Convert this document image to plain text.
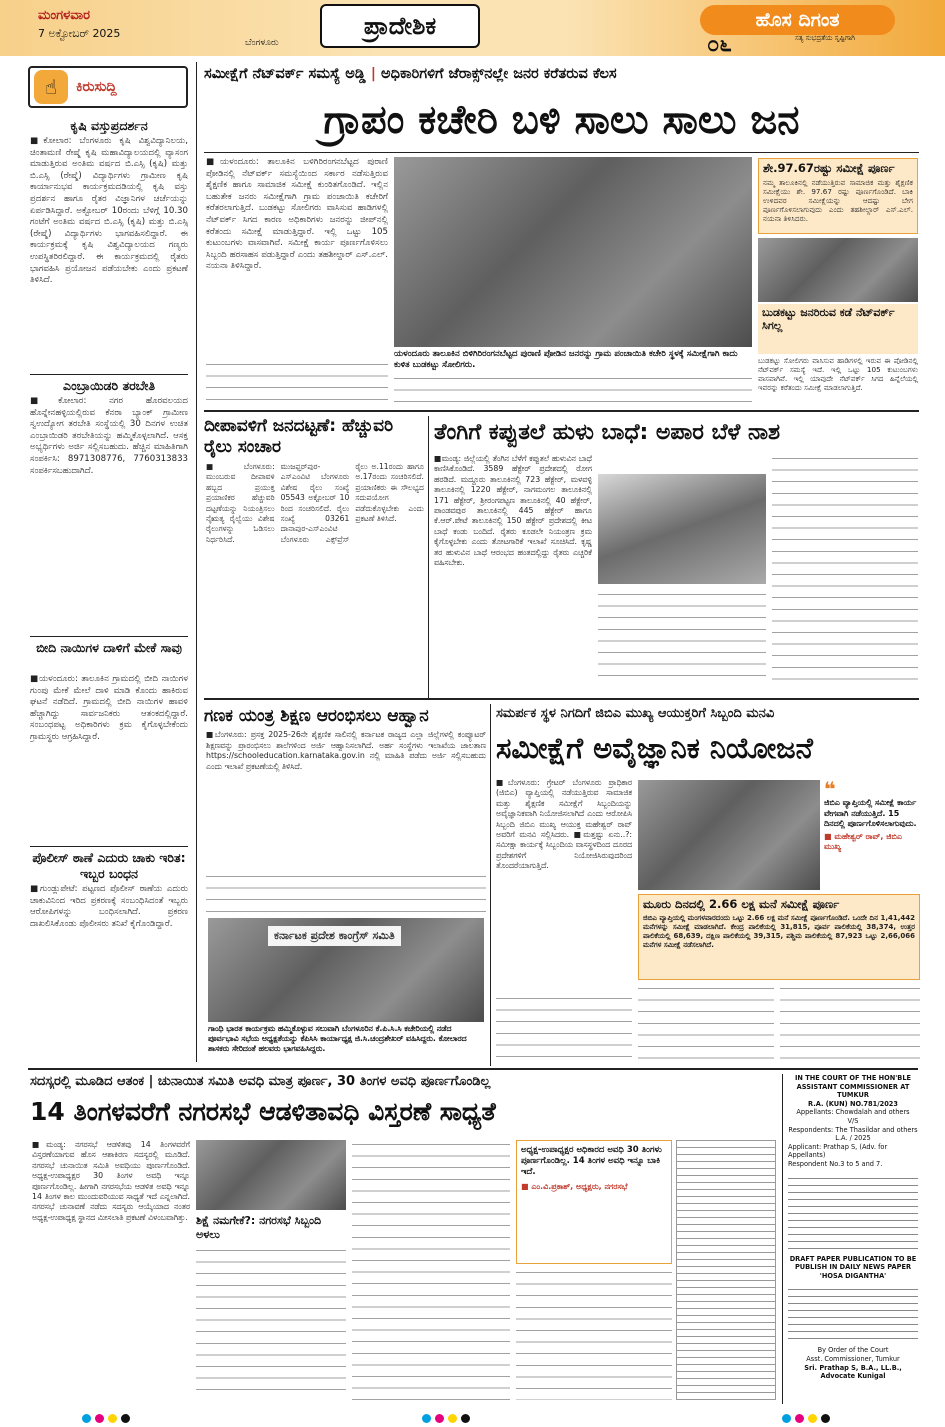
ಮಂಗಳವಾರ
7 ಅಕ್ಟೋಬರ್ 2025
ಬೆಂಗಳೂರು
ಪ್ರಾದೇಶಿಕ	ಹೊಸ ದಿಗಂತ
ಸತ್ಯ ಸುಭದ್ರತೆಯ ಸೃಷ್ಟಿಗಾಗಿ
೦೬
☝	ಕಿರುಸುದ್ದಿ
ಕೃಷಿ ವಸ್ತುಪ್ರದರ್ಶನ
■ಕೋಲಾರ: ಬೆಂಗಳೂರು ಕೃಷಿ ವಿಶ್ವವಿದ್ಯಾನಿಲಯ, ಚಿಂತಾಮಣಿ ರೇಷ್ಮೆ ಕೃಷಿ ಮಹಾವಿದ್ಯಾಲಯದಲ್ಲಿ ವ್ಯಾಸಂಗ ಮಾಡುತ್ತಿರುವ ಅಂತಿಮ ವರ್ಷದ ಬಿ.ಎಸ್ಸಿ (ಕೃಷಿ) ಮತ್ತು ಬಿ.ಎಸ್ಸಿ (ರೇಷ್ಮೆ) ವಿದ್ಯಾರ್ಥಿಗಳು ಗ್ರಾಮೀಣ ಕೃಷಿ ಕಾರ್ಯಾನುಭವ ಕಾರ್ಯಕ್ರಮದಡಿಯಲ್ಲಿ ಕೃಷಿ ವಸ್ತು ಪ್ರದರ್ಶನ ಹಾಗೂ ರೈತರ ವಿಜ್ಞಾನಿಗಳ ಚರ್ಚೆಯನ್ನು ಏರ್ಪಡಿಸಿದ್ದಾರೆ. ಅಕ್ಟೋಬರ್ 10ರಂದು ಬೆಳಿಗ್ಗೆ 10.30 ಗಂಟೆಗೆ ಅಂತಿಮ ವರ್ಷದ ಬಿ.ಎಸ್ಸಿ (ಕೃಷಿ) ಮತ್ತು ಬಿ.ಎಸ್ಸಿ (ರೇಷ್ಮೆ) ವಿದ್ಯಾರ್ಥಿಗಳು ಭಾಗವಹಿಸಲಿದ್ದಾರೆ. ಈ ಕಾರ್ಯಕ್ರಮಕ್ಕೆ ಕೃಷಿ ವಿಶ್ವವಿದ್ಯಾಲಯದ ಗಣ್ಯರು ಉಪಸ್ಥಿತರಿರಲಿದ್ದಾರೆ. ಈ ಕಾರ್ಯಕ್ರಮದಲ್ಲಿ ರೈತರು ಭಾಗವಹಿಸಿ ಪ್ರಯೋಜನ ಪಡೆಯಬೇಕು ಎಂದು ಪ್ರಕಟಣೆ ತಿಳಿಸಿದೆ.
ಎಂಬ್ರಾಯಿಡರಿ ತರಬೇತಿ
■ಕೋಲಾರ: ನಗರ ಹೊರವಲಯದ ಹೊನ್ನೇನಹಳ್ಳಿಯಲ್ಲಿರುವ ಕೆನರಾ ಬ್ಯಾಂಕ್ ಗ್ರಾಮೀಣ ಸ್ವಉದ್ಯೋಗ ತರಬೇತಿ ಸಂಸ್ಥೆಯಲ್ಲಿ 30 ದಿನಗಳ ಉಚಿತ ಎಂಬ್ರಾಯಿಡರಿ ತರಬೇತಿಯನ್ನು ಹಮ್ಮಿಕೊಳ್ಳಲಾಗಿದೆ. ಆಸಕ್ತ ಅಭ್ಯರ್ಥಿಗಳು ಅರ್ಜಿ ಸಲ್ಲಿಸಬಹುದು. ಹೆಚ್ಚಿನ ಮಾಹಿತಿಗಾಗಿ ಸಂಪರ್ಕಿಸಿ: 8971308776, 7760313833 ಸಂಪರ್ಕಿಸಬಹುದಾಗಿದೆ.
ಬೀದಿ ನಾಯಿಗಳ ದಾಳಿಗೆ ಮೇಕೆ ಸಾವು
■ಯಳಂದೂರು: ತಾಲೂಕಿನ ಗ್ರಾಮದಲ್ಲಿ ಬೀದಿ ನಾಯಿಗಳ ಗುಂಪು ಮೇಕೆ ಮೇಲೆ ದಾಳಿ ಮಾಡಿ ಕೊಂದು ಹಾಕಿರುವ ಘಟನೆ ನಡೆದಿದೆ. ಗ್ರಾಮದಲ್ಲಿ ಬೀದಿ ನಾಯಿಗಳ ಹಾವಳಿ ಹೆಚ್ಚಾಗಿದ್ದು ಸಾರ್ವಜನಿಕರು ಆತಂಕದಲ್ಲಿದ್ದಾರೆ. ಸಂಬಂಧಪಟ್ಟ ಅಧಿಕಾರಿಗಳು ಕ್ರಮ ಕೈಗೊಳ್ಳಬೇಕೆಂದು ಗ್ರಾಮಸ್ಥರು ಆಗ್ರಹಿಸಿದ್ದಾರೆ.
ಪೊಲೀಸ್ ಠಾಣೆ ಎದುರು ಚಾಕು ಇರಿತ: ಇಬ್ಬರ ಬಂಧನ
■ಗುಂಡ್ಲುಪೇಟೆ: ಪಟ್ಟಣದ ಪೊಲೀಸ್ ಠಾಣೆಯ ಎದುರು ಚಾಕುವಿನಿಂದ ಇರಿದ ಪ್ರಕರಣಕ್ಕೆ ಸಂಬಂಧಿಸಿದಂತೆ ಇಬ್ಬರು ಆರೋಪಿಗಳನ್ನು ಬಂಧಿಸಲಾಗಿದೆ. ಪ್ರಕರಣ ದಾಖಲಿಸಿಕೊಂಡು ಪೊಲೀಸರು ತನಿಖೆ ಕೈಗೊಂಡಿದ್ದಾರೆ.
ಸಮೀಕ್ಷೆಗೆ ನೆಟ್‌ವರ್ಕ್ ಸಮಸ್ಯೆ ಅಡ್ಡಿ | ಅಧಿಕಾರಿಗಳಿಗೆ ಜೆರಾಕ್ಸ್‌ನಲ್ಲೇ ಜನರ ಕರೆತರುವ ಕೆಲಸ
ಗ್ರಾಪಂ ಕಚೇರಿ ಬಳಿ ಸಾಲು ಸಾಲು ಜನ
■ಯಳಂದೂರು: ತಾಲೂಕಿನ ಬಳಿಗಿರಿರಂಗನಬೆಟ್ಟದ ಪುರಾಣಿ ಪೋಡಿನಲ್ಲಿ ನೆಟ್‌ವರ್ಕ್ ಸಮಸ್ಯೆಯಿಂದ ಸರ್ಕಾರ ನಡೆಸುತ್ತಿರುವ ಶೈಕ್ಷಣಿಕ ಹಾಗೂ ಸಾಮಾಜಿಕ ಸಮೀಕ್ಷೆ ಕುಂಠಿತಗೊಂಡಿದೆ. ಇಲ್ಲಿನ ಬಹುತೇಕ ಜನರು ಸಮೀಕ್ಷೆಗಾಗಿ ಗ್ರಾಮ ಪಂಚಾಯಿತಿ ಕಚೇರಿಗೆ ಕರೆತರಲಾಗುತ್ತಿದೆ. ಬುಡಕಟ್ಟು ಸೋಲಿಗರು ವಾಸಿಸುವ ಹಾಡಿಗಳಲ್ಲಿ ನೆಟ್‌ವರ್ಕ್ ಸಿಗದ ಕಾರಣ ಅಧಿಕಾರಿಗಳು ಜನರನ್ನು ಜೀಪ್‌ನಲ್ಲಿ ಕರೆತಂದು ಸಮೀಕ್ಷೆ ಮಾಡುತ್ತಿದ್ದಾರೆ. ಇಲ್ಲಿ ಒಟ್ಟು 105 ಕುಟುಂಬಗಳು ವಾಸವಾಗಿವೆ. ಸಮೀಕ್ಷೆ ಕಾರ್ಯ ಪೂರ್ಣಗೊಳಿಸಲು ಸಿಬ್ಬಂದಿ ಹರಸಾಹಸ ಪಡುತ್ತಿದ್ದಾರೆ ಎಂದು ತಹಶೀಲ್ದಾರ್ ಎಸ್.ಎಲ್. ನಯನಾ ತಿಳಿಸಿದ್ದಾರೆ.
ಯಳಂದೂರು ತಾಲೂಕಿನ ಬಿಳಿಗಿರಿರಂಗನಬೆಟ್ಟದ ಪುರಾಣಿ ಪೋಡಿನ ಜನರನ್ನು ಗ್ರಾಮ ಪಂಚಾಯಿತಿ ಕಚೇರಿ ಸ್ಥಳಕ್ಕೆ ಸಮೀಕ್ಷೆಗಾಗಿ ಕಾದು ಕುಳಿತ ಬುಡಕಟ್ಟು ಸೋಲಿಗರು.
ಶೇ.97.67ರಷ್ಟು ಸಮೀಕ್ಷೆ ಪೂರ್ಣ
ನಮ್ಮ ತಾಲೂಕಿನಲ್ಲಿ ನಡೆಯುತ್ತಿರುವ ಸಾಮಾಜಿಕ ಮತ್ತು ಶೈಕ್ಷಣಿಕ ಸಮೀಕ್ಷೆಯು ಶೇ. 97.67 ರಷ್ಟು ಪೂರ್ಣಗೊಂಡಿದೆ. ಬಾಕಿ ಉಳಿದವರ ಸಮೀಕ್ಷೆಯನ್ನು ಆದಷ್ಟು ಬೇಗ ಪೂರ್ಣಗೊಳಿಸಲಾಗುವುದು ಎಂದು ತಹಶೀಲ್ದಾರ್ ಎಸ್.ಎಲ್. ನಯನಾ ತಿಳಿಸಿದರು.
ಬುಡಕಟ್ಟು ಜನರಿರುವ ಕಡೆ ನೆಟ್‌ವರ್ಕ್ ಸಿಗಲ್ಲ
ಬುಡಕಟ್ಟು ಸೋಲಿಗರು ವಾಸಿಸುವ ಹಾಡಿಗಳಲ್ಲಿ ಇರುವ ಈ ಪೋಡಿನಲ್ಲಿ ನೆಟ್‌ವರ್ಕ್ ಸಮಸ್ಯೆ ಇದೆ. ಇಲ್ಲಿ ಒಟ್ಟು 105 ಕುಟುಂಬಗಳು ವಾಸವಾಗಿವೆ. ಇಲ್ಲಿ ಯಾವುದೇ ನೆಟ್‌ವರ್ಕ್ ಸಿಗದ ಹಿನ್ನೆಲೆಯಲ್ಲಿ ಇವರನ್ನು ಕರೆತಂದು ಸಮೀಕ್ಷೆ ಮಾಡಲಾಗುತ್ತಿದೆ.
ದೀಪಾವಳಿಗೆ ಜನದಟ್ಟಣೆ: ಹೆಚ್ಚುವರಿ ರೈಲು ಸಂಚಾರ
■ಬೆಂಗಳೂರು: ಮುಂಬರುವ ದೀಪಾವಳಿ ಹಬ್ಬದ ಪ್ರಯುಕ್ತ ಪ್ರಯಾಣಿಕರ ಹೆಚ್ಚುವರಿ ದಟ್ಟಣೆಯನ್ನು ನಿಯಂತ್ರಿಸಲು ನೈಋತ್ಯ ರೈಲ್ವೆಯು ವಿಶೇಷ ರೈಲುಗಳನ್ನು ಓಡಿಸಲು ನಿರ್ಧರಿಸಿದೆ. ಮುಜಫ್ಫರ್‌ಪುರ-ಎಸ್‌ಎಂವಿಟಿ ಬೆಂಗಳೂರು ವಿಶೇಷ ರೈಲು ಸಂಖ್ಯೆ 05543 ಅಕ್ಟೋಬರ್ 10 ರಿಂದ ಸಂಚರಿಸಲಿದೆ. ರೈಲು ಸಂಖ್ಯೆ 03261 ದಾನಾಪುರ-ಎಸ್‌ಎಂವಿಟಿ ಬೆಂಗಳೂರು ಎಕ್ಸ್‌ಪ್ರೆಸ್ ರೈಲು ಅ.11ರಂದು ಹಾಗೂ ಅ.17ರಂದು ಸಂಚರಿಸಲಿದೆ. ಪ್ರಯಾಣಿಕರು ಈ ಸೌಲಭ್ಯದ ಸದುಪಯೋಗ ಪಡೆದುಕೊಳ್ಳಬೇಕು ಎಂದು ಪ್ರಕಟಣೆ ತಿಳಿಸಿದೆ.
ತೆಂಗಿಗೆ ಕಪ್ಪುತಲೆ ಹುಳು ಬಾಧೆ: ಅಪಾರ ಬೆಳೆ ನಾಶ
■ಮಂಡ್ಯ: ಜಿಲ್ಲೆಯಲ್ಲಿ ತೆಂಗಿನ ಬೆಳೆಗೆ ಕಪ್ಪುತಲೆ ಹುಳುವಿನ ಬಾಧೆ ಕಾಣಿಸಿಕೊಂಡಿದೆ. 3589 ಹೆಕ್ಟೇರ್ ಪ್ರದೇಶದಲ್ಲಿ ರೋಗ ಹರಡಿದೆ. ಮದ್ದೂರು ತಾಲೂಕಿನಲ್ಲಿ 723 ಹೆಕ್ಟೇರ್, ಮಳವಳ್ಳಿ ತಾಲೂಕಿನಲ್ಲಿ 1220 ಹೆಕ್ಟೇರ್, ನಾಗಮಂಗಲ ತಾಲೂಕಿನಲ್ಲಿ 171 ಹೆಕ್ಟೇರ್, ಶ್ರೀರಂಗಪಟ್ಟಣ ತಾಲೂಕಿನಲ್ಲಿ 40 ಹೆಕ್ಟೇರ್, ಪಾಂಡವಪುರ ತಾಲೂಕಿನಲ್ಲಿ 445 ಹೆಕ್ಟೇರ್ ಹಾಗೂ ಕೆ.ಆರ್.ಪೇಟೆ ತಾಲೂಕಿನಲ್ಲಿ 150 ಹೆಕ್ಟೇರ್ ಪ್ರದೇಶದಲ್ಲಿ ಕೀಟ ಬಾಧೆ ಕಂಡು ಬಂದಿದೆ. ರೈತರು ಕೂಡಲೇ ನಿಯಂತ್ರಣ ಕ್ರಮ ಕೈಗೊಳ್ಳಬೇಕು ಎಂದು ತೋಟಗಾರಿಕೆ ಇಲಾಖೆ ಸೂಚಿಸಿದೆ. ಕೃಷ್ಣ ತರ ಹುಳುವಿನ ಬಾಧೆ ಆರಂಭದ ಹಂತದಲ್ಲಿದ್ದು ರೈತರು ಎಚ್ಚರಿಕೆ ವಹಿಸಬೇಕು.
ಗಣಕ ಯಂತ್ರ ಶಿಕ್ಷಣ ಆರಂಭಿಸಲು ಆಹ್ವಾನ
■ಬೆಂಗಳೂರು: ಪ್ರಸಕ್ತ 2025-26ನೇ ಶೈಕ್ಷಣಿಕ ಸಾಲಿನಲ್ಲಿ ಕರ್ನಾಟಕ ರಾಜ್ಯದ ಎಲ್ಲಾ ಜಿಲ್ಲೆಗಳಲ್ಲಿ ಕಂಪ್ಯೂಟರ್ ಶಿಕ್ಷಣವನ್ನು ಪ್ರಾರಂಭಿಸಲು ಶಾಲೆಗಳಿಂದ ಅರ್ಜಿ ಆಹ್ವಾನಿಸಲಾಗಿದೆ. ಅರ್ಹ ಸಂಸ್ಥೆಗಳು ಇಲಾಖೆಯ ಜಾಲತಾಣ https://schooleducation.karnataka.gov.in ನಲ್ಲಿ ಮಾಹಿತಿ ಪಡೆದು ಅರ್ಜಿ ಸಲ್ಲಿಸಬಹುದು ಎಂದು ಇಲಾಖೆ ಪ್ರಕಟಣೆಯಲ್ಲಿ ತಿಳಿಸಿದೆ.
ಕರ್ನಾಟಕ ಪ್ರದೇಶ ಕಾಂಗ್ರೆಸ್ ಸಮಿತಿ
ಗಾಂಧಿ ಭಾರತ ಕಾರ್ಯಕ್ರಮ ಹಮ್ಮಿಕೊಳ್ಳುವ ಸಲುವಾಗಿ ಬೆಂಗಳೂರಿನ ಕೆ.ಪಿ.ಸಿ.ಸಿ ಕಚೇರಿಯಲ್ಲಿ ನಡೆದ ಪೂರ್ವಭಾವಿ ಸಭೆಯ ಅಧ್ಯಕ್ಷತೆಯನ್ನು ಕೆಪಿಸಿಸಿ ಕಾರ್ಯಾಧ್ಯಕ್ಷ ಜಿ.ಸಿ.ಚಂದ್ರಶೇಖರ್ ವಹಿಸಿದ್ದರು. ಕೋಲಾರದ ಶಾಸಕರು ಸೇರಿದಂತೆ ಹಲವರು ಭಾಗವಹಿಸಿದ್ದರು.
ಸಮರ್ಪಕ ಸ್ಥಳ ನಿಗದಿಗೆ ಜಿಬಿಎ ಮುಖ್ಯ ಆಯುಕ್ತರಿಗೆ ಸಿಬ್ಬಂದಿ ಮನವಿ
ಸಮೀಕ್ಷೆಗೆ ಅವೈಜ್ಞಾನಿಕ ನಿಯೋಜನೆ
■ಬೆಂಗಳೂರು: ಗ್ರೇಟರ್ ಬೆಂಗಳೂರು ಪ್ರಾಧಿಕಾರ (ಜಿಬಿಎ) ವ್ಯಾಪ್ತಿಯಲ್ಲಿ ನಡೆಯುತ್ತಿರುವ ಸಾಮಾಜಿಕ ಮತ್ತು ಶೈಕ್ಷಣಿಕ ಸಮೀಕ್ಷೆಗೆ ಸಿಬ್ಬಂದಿಯನ್ನು ಅವೈಜ್ಞಾನಿಕವಾಗಿ ನಿಯೋಜಿಸಲಾಗಿದೆ ಎಂದು ಆರೋಪಿಸಿ ಸಿಬ್ಬಂದಿ ಜಿಬಿಎ ಮುಖ್ಯ ಆಯುಕ್ತ ಮಹೇಶ್ವರ್ ರಾವ್ ಅವರಿಗೆ ಮನವಿ ಸಲ್ಲಿಸಿದರು. ■ಮತ್ತಷ್ಟು ಏನು..?: ಸಮೀಕ್ಷಾ ಕಾರ್ಯಕ್ಕೆ ಸಿಬ್ಬಂದಿಯ ವಾಸಸ್ಥಳದಿಂದ ದೂರದ ಪ್ರದೇಶಗಳಿಗೆ ನಿಯೋಜಿಸಿರುವುದರಿಂದ ತೊಂದರೆಯಾಗುತ್ತಿದೆ.
❝
ಜಿಬಿಎ ವ್ಯಾಪ್ತಿಯಲ್ಲಿ ಸಮೀಕ್ಷೆ ಕಾರ್ಯ ವೇಗವಾಗಿ ನಡೆಯುತ್ತಿದೆ. 15 ದಿನದಲ್ಲಿ ಪೂರ್ಣಗೊಳಿಸಲಾಗುವುದು.
■ ಮಹೇಶ್ವರ್ ರಾವ್, ಜಿಬಿಎ ಮುಖ್ಯ
ಮೂರು ದಿನದಲ್ಲಿ 2.66 ಲಕ್ಷ ಮನೆ ಸಮೀಕ್ಷೆ ಪೂರ್ಣ
ಜಿಬಿಎ ವ್ಯಾಪ್ತಿಯಲ್ಲಿ ಮಂಗಳವಾರದಂದು ಒಟ್ಟು 2.66 ಲಕ್ಷ ಮನೆ ಸಮೀಕ್ಷೆ ಪೂರ್ಣಗೊಂಡಿದೆ. ಒಂದೇ ದಿನ 1,41,442 ಮನೆಗಳನ್ನು ಸಮೀಕ್ಷೆ ಮಾಡಲಾಗಿದೆ. ಕೇಂದ್ರ ಪಾಲಿಕೆಯಲ್ಲಿ 31,815, ಪೂರ್ವ ಪಾಲಿಕೆಯಲ್ಲಿ 38,374, ಉತ್ತರ ಪಾಲಿಕೆಯಲ್ಲಿ 68,639, ದಕ್ಷಿಣ ಪಾಲಿಕೆಯಲ್ಲಿ 39,315, ಪಶ್ಚಿಮ ಪಾಲಿಕೆಯಲ್ಲಿ 87,923 ಒಟ್ಟು 2,66,066 ಮನೆಗಳ ಸಮೀಕ್ಷೆ ನಡೆಸಲಾಗಿದೆ.
ಸದಸ್ಯರಲ್ಲಿ ಮೂಡಿದ ಆತಂಕ | ಚುನಾಯಿತ ಸಮಿತಿ ಅವಧಿ ಮಾತ್ರ ಪೂರ್ಣ, 30 ತಿಂಗಳ ಅವಧಿ ಪೂರ್ಣಗೊಂಡಿಲ್ಲ
14 ತಿಂಗಳವರೆಗೆ ನಗರಸಭೆ ಆಡಳಿತಾವಧಿ ವಿಸ್ತರಣೆ ಸಾಧ್ಯತೆ
■ಮಂಡ್ಯ: ನಗರಸಭೆ ಆಡಳಿತವು 14 ತಿಂಗಳವರೆಗೆ ವಿಸ್ತರಣೆಯಾಗುವ ಹೊಸ ಆಶಾಕಿರಣ ಸದಸ್ಯರಲ್ಲಿ ಮೂಡಿದೆ. ನಗರಸಭೆ ಚುನಾಯಿತ ಸಮಿತಿ ಅವಧಿಯು ಪೂರ್ಣಗೊಂಡಿದೆ. ಅಧ್ಯಕ್ಷ-ಉಪಾಧ್ಯಕ್ಷರ 30 ತಿಂಗಳ ಅವಧಿ ಇನ್ನೂ ಪೂರ್ಣಗೊಂಡಿಲ್ಲ. ಹೀಗಾಗಿ ನಗರಸಭೆಯ ಆಡಳಿತ ಅವಧಿ ಇನ್ನೂ 14 ತಿಂಗಳ ಕಾಲ ಮುಂದುವರಿಯುವ ಸಾಧ್ಯತೆ ಇದೆ ಎನ್ನಲಾಗಿದೆ. ನಗರಸಭೆ ಚುನಾವಣೆ ನಡೆದು ಸದಸ್ಯರು ಆಯ್ಕೆಯಾದ ನಂತರ ಅಧ್ಯಕ್ಷ-ಉಪಾಧ್ಯಕ್ಷ ಸ್ಥಾನದ ಮೀಸಲಾತಿ ಪ್ರಕಟಣೆ ವಿಳಂಬವಾಗಿತ್ತು. ಶಿಕ್ಷೆ ನಮಗೇಕೆ?: ನಗರಸಭೆ ಸಿಬ್ಬಂದಿ ಅಳಲು
ಅಧ್ಯಕ್ಷ-ಉಪಾಧ್ಯಕ್ಷರ ಅಧಿಕಾರದ ಅವಧಿ 30 ತಿಂಗಳು ಪೂರ್ಣಗೊಂಡಿಲ್ಲ. 14 ತಿಂಗಳ ಅವಧಿ ಇನ್ನೂ ಬಾಕಿ ಇದೆ.
■ ಎಂ.ವಿ.ಪ್ರಕಾಶ್, ಅಧ್ಯಕ್ಷರು, ನಗರಸಭೆ
IN THE COURT OF THE HON'BLE ASSISTANT COMMISSIONER AT TUMKUR
R.A. (KUN) NO.781/2023
Appellants: Chowdalah and others
V/S
Respondents: The Thasildar and others
L.A. / 2025
Applicant: Prathap S, (Adv. for Appellants)
Respondent No.3 to 5 and 7.
DRAFT PAPER PUBLICATION TO BE PUBLISH IN DAILY NEWS PAPER 'HOSA DIGANTHA'
By Order of the Court
Asst. Commissioner, Tumkur
Sri. Prathap S, B.A., LL.B., Advocate Kunigal
